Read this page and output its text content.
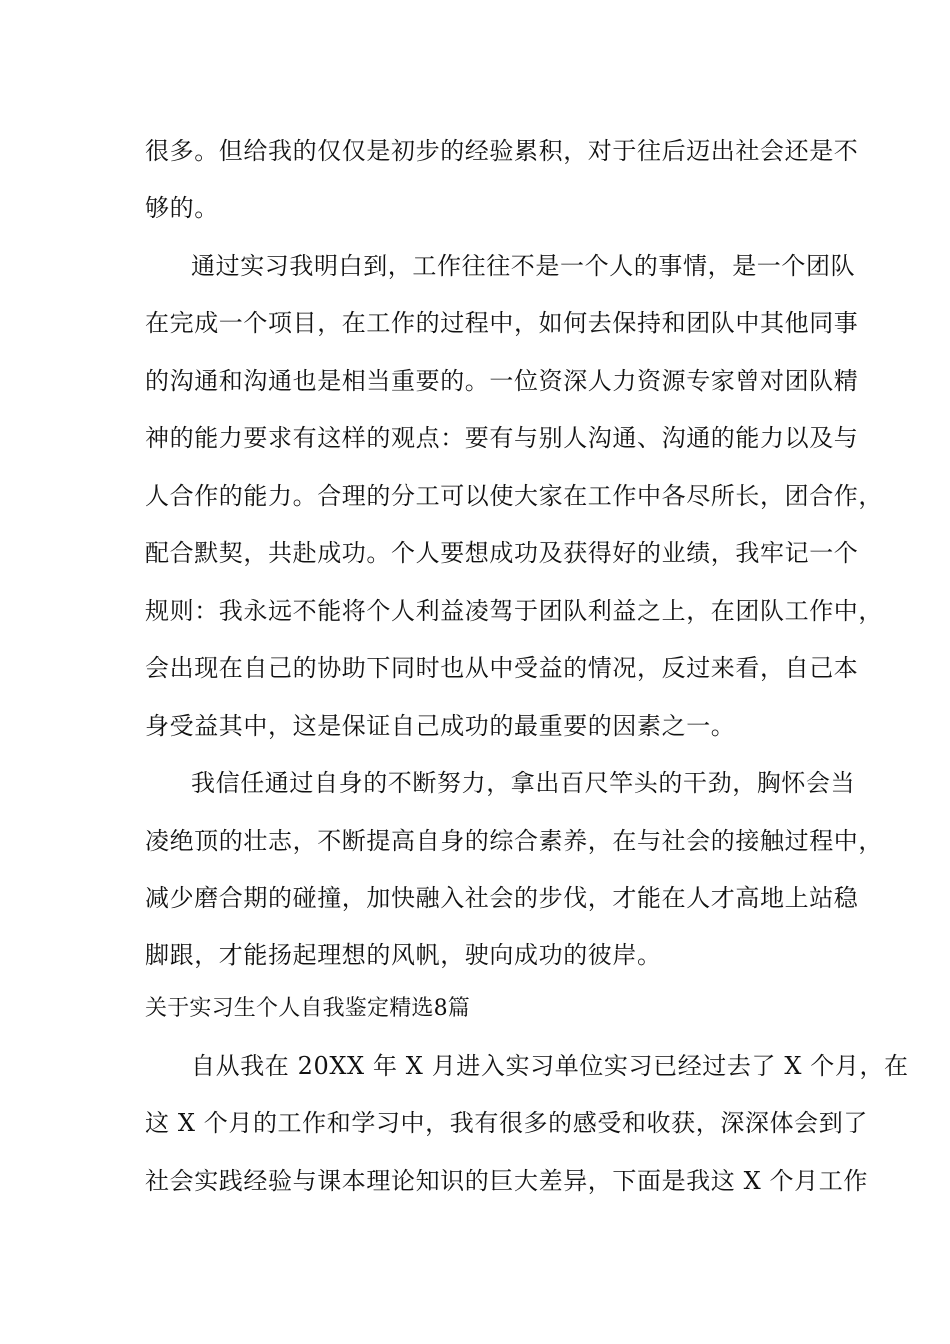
很多。但给我的仅仅是初步的经验累积，对于往后迈出社会还是不
够的。
通过实习我明白到，工作往往不是一个人的事情，是一个团队
在完成一个项目，在工作的过程中，如何去保持和团队中其他同事
的沟通和沟通也是相当重要的。一位资深人力资源专家曾对团队精
神的能力要求有这样的观点：要有与别人沟通、沟通的能力以及与
人合作的能力。合理的分工可以使大家在工作中各尽所长，团合作，
配合默契，共赴成功。个人要想成功及获得好的业绩，我牢记一个
规则：我永远不能将个人利益凌驾于团队利益之上，在团队工作中，
会出现在自己的协助下同时也从中受益的情况，反过来看，自己本
身受益其中，这是保证自己成功的最重要的因素之一。
我信任通过自身的不断努力，拿出百尺竿头的干劲，胸怀会当
凌绝顶的壮志，不断提高自身的综合素养，在与社会的接触过程中，
减少磨合期的碰撞，加快融入社会的步伐，才能在人才高地上站稳
脚跟，才能扬起理想的风帆，驶向成功的彼岸。
关于实习生个人自我鉴定精选8篇
自从我在 20XX 年 X 月进入实习单位实习已经过去了 X 个月，在
这 X 个月的工作和学习中，我有很多的感受和收获，深深体会到了
社会实践经验与课本理论知识的巨大差异，下面是我这 X 个月工作
